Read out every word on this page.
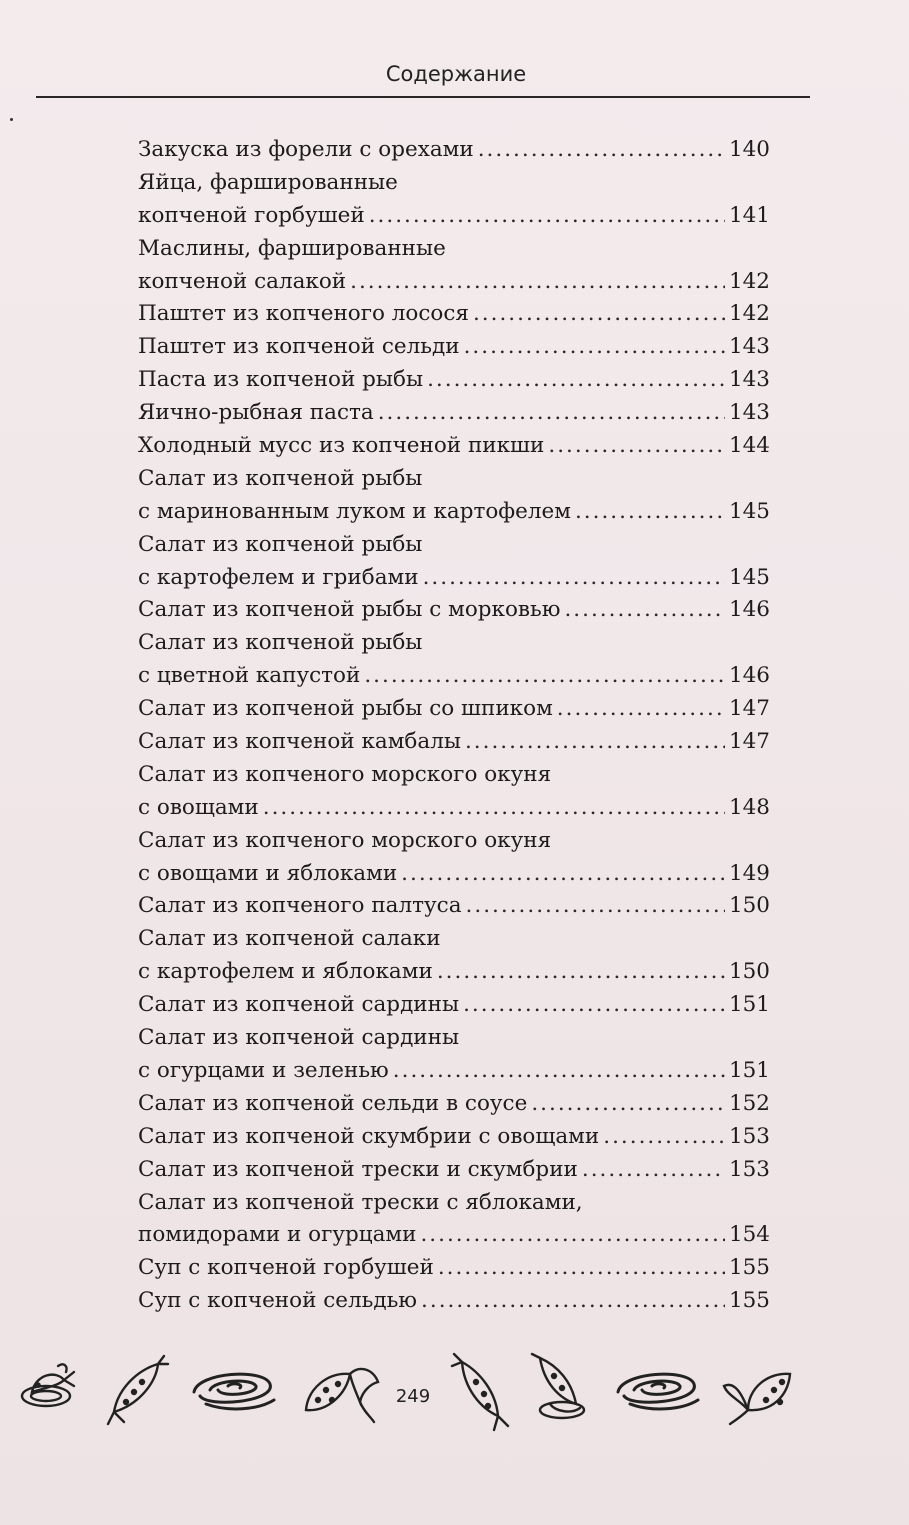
Содержание
Закуска из форели с орехами .....	140
Яйца, фаршированные
копченой горбушей .....	141
Маслины, фаршированные
копченой салакой .....	142
Паштет из копченого лосося .....	142
Паштет из копченой сельди .....	143
Паста из копченой рыбы .....	143
Яично-рыбная паста .....	143
Холодный мусс из копченой пикши .....	144
Салат из копченой рыбы
с маринованным луком и картофелем .....	145
Салат из копченой рыбы
с картофелем и грибами .....	145
Салат из копченой рыбы с морковью .....	146
Салат из копченой рыбы
с цветной капустой .....	146
Салат из копченой рыбы со шпиком .....	147
Салат из копченой камбалы .....	147
Салат из копченого морского окуня
с овощами .....	148
Салат из копченого морского окуня
с овощами и яблоками .....	149
Салат из копченого палтуса .....	150
Салат из копченой салаки
с картофелем и яблоками .....	150
Салат из копченой сардины .....	151
Салат из копченой сардины
с огурцами и зеленью .....	151
Салат из копченой сельди в соусе .....	152
Салат из копченой скумбрии с овощами .....	153
Салат из копченой трески и скумбрии .....	153
Салат из копченой трески с яблоками,
помидорами и огурцами .....	154
Суп с копченой горбушей .....	155
Суп с копченой сельдью .....	155
249
